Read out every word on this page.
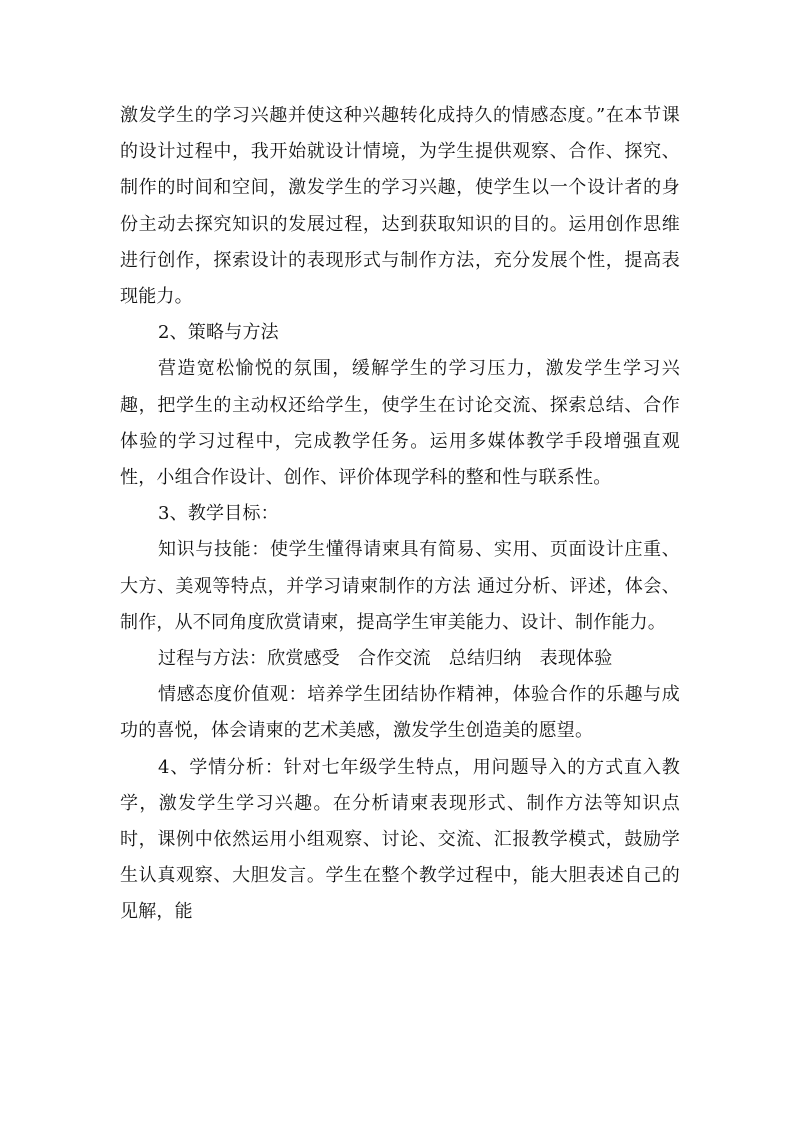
激发学生的学习兴趣并使这种兴趣转化成持久的情感态度。”在本节课的设计过程中，我开始就设计情境，为学生提供观察、合作、探究、制作的时间和空间，激发学生的学习兴趣，使学生以一个设计者的身份主动去探究知识的发展过程，达到获取知识的目的。运用创作思维进行创作，探索设计的表现形式与制作方法，充分发展个性，提高表现能力。

2、策略与方法

营造宽松愉悦的氛围，缓解学生的学习压力，激发学生学习兴趣，把学生的主动权还给学生，使学生在讨论交流、探索总结、合作体验的学习过程中，完成教学任务。运用多媒体教学手段增强直观性，小组合作设计、创作、评价体现学科的整和性与联系性。

3、教学目标：

知识与技能：使学生懂得请柬具有简易、实用、页面设计庄重、大方、美观等特点，并学习请柬制作的方法 通过分析、评述，体会、制作，从不同角度欣赏请柬，提高学生审美能力、设计、制作能力。

过程与方法：欣赏感受 合作交流 总结归纳 表现体验

情感态度价值观：培养学生团结协作精神，体验合作的乐趣与成功的喜悦，体会请柬的艺术美感，激发学生创造美的愿望。

4、学情分析：针对七年级学生特点，用问题导入的方式直入教学，激发学生学习兴趣。在分析请柬表现形式、制作方法等知识点时，课例中依然运用小组观察、讨论、交流、汇报教学模式，鼓励学生认真观察、大胆发言。学生在整个教学过程中，能大胆表述自己的见解，能
